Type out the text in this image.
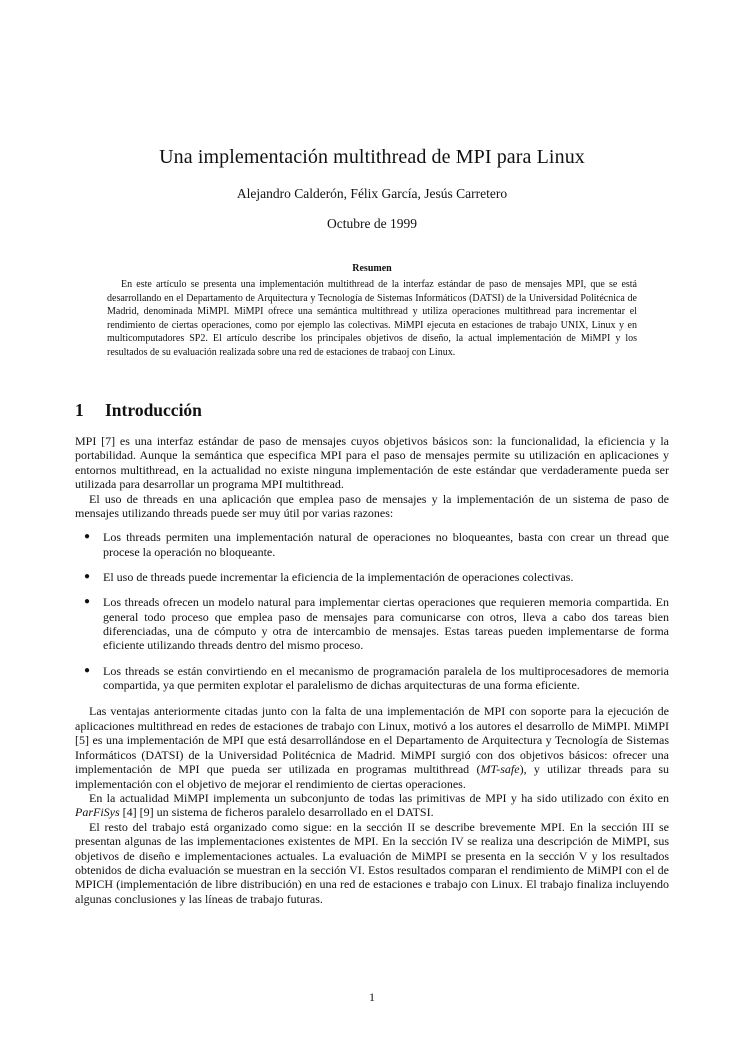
Una implementación multithread de MPI para Linux
Alejandro Calderón, Félix García, Jesús Carretero
Octubre de 1999
Resumen

En este artículo se presenta una implementación multithread de la interfaz estándar de paso de mensajes MPI, que se está desarrollando en el Departamento de Arquitectura y Tecnología de Sistemas Informáticos (DATSI) de la Universidad Politécnica de Madrid, denominada MiMPI. MiMPI ofrece una semántica multithread y utiliza operaciones multithread para incrementar el rendimiento de ciertas operaciones, como por ejemplo las colectivas. MiMPI ejecuta en estaciones de trabajo UNIX, Linux y en multicomputadores SP2. El artículo describe los principales objetivos de diseño, la actual implementación de MiMPI y los resultados de su evaluación realizada sobre una red de estaciones de trabaoj con Linux.

1 Introducción

MPI [7] es una interfaz estándar de paso de mensajes cuyos objetivos básicos son: la funcionalidad, la eficiencia y la portabilidad. Aunque la semántica que especifica MPI para el paso de mensajes permite su utilización en aplicaciones y entornos multithread, en la actualidad no existe ninguna implementación de este estándar que verdaderamente pueda ser utilizada para desarrollar un programa MPI multithread.

El uso de threads en una aplicación que emplea paso de mensajes y la implementación de un sistema de paso de mensajes utilizando threads puede ser muy útil por varias razones:

● Los threads permiten una implementación natural de operaciones no bloqueantes, basta con crear un thread que procese la operación no bloqueante.
● El uso de threads puede incrementar la eficiencia de la implementación de operaciones colectivas.
● Los threads ofrecen un modelo natural para implementar ciertas operaciones que requieren memoria compartida. En general todo proceso que emplea paso de mensajes para comunicarse con otros, lleva a cabo dos tareas bien diferenciadas, una de cómputo y otra de intercambio de mensajes. Estas tareas pueden implementarse de forma eficiente utilizando threads dentro del mismo proceso.
● Los threads se están convirtiendo en el mecanismo de programación paralela de los multiprocesadores de memoria compartida, ya que permiten explotar el paralelismo de dichas arquitecturas de una forma eficiente.

Las ventajas anteriormente citadas junto con la falta de una implementación de MPI con soporte para la ejecución de aplicaciones multithread en redes de estaciones de trabajo con Linux, motivó a los autores el desarrollo de MiMPI. MiMPI [5] es una implementación de MPI que está desarrollándose en el Departamento de Arquitectura y Tecnología de Sistemas Informáticos (DATSI) de la Universidad Politécnica de Madrid. MiMPI surgió con dos objetivos básicos: ofrecer una implementación de MPI que pueda ser utilizada en programas multithread (MT-safe), y utilizar threads para su implementación con el objetivo de mejorar el rendimiento de ciertas operaciones.

En la actualidad MiMPI implementa un subconjunto de todas las primitivas de MPI y ha sido utilizado con éxito en ParFiSys [4] [9] un sistema de ficheros paralelo desarrollado en el DATSI.

El resto del trabajo está organizado como sigue: en la sección II se describe brevemente MPI. En la sección III se presentan algunas de las implementaciones existentes de MPI. En la sección IV se realiza una descripción de MiMPI, sus objetivos de diseño e implementaciones actuales. La evaluación de MiMPI se presenta en la sección V y los resultados obtenidos de dicha evaluación se muestran en la sección VI. Estos resultados comparan el rendimiento de MiMPI con el de MPICH (implementación de libre distribución) en una red de estaciones e trabajo con Linux. El trabajo finaliza incluyendo algunas conclusiones y las líneas de trabajo futuras.

1
